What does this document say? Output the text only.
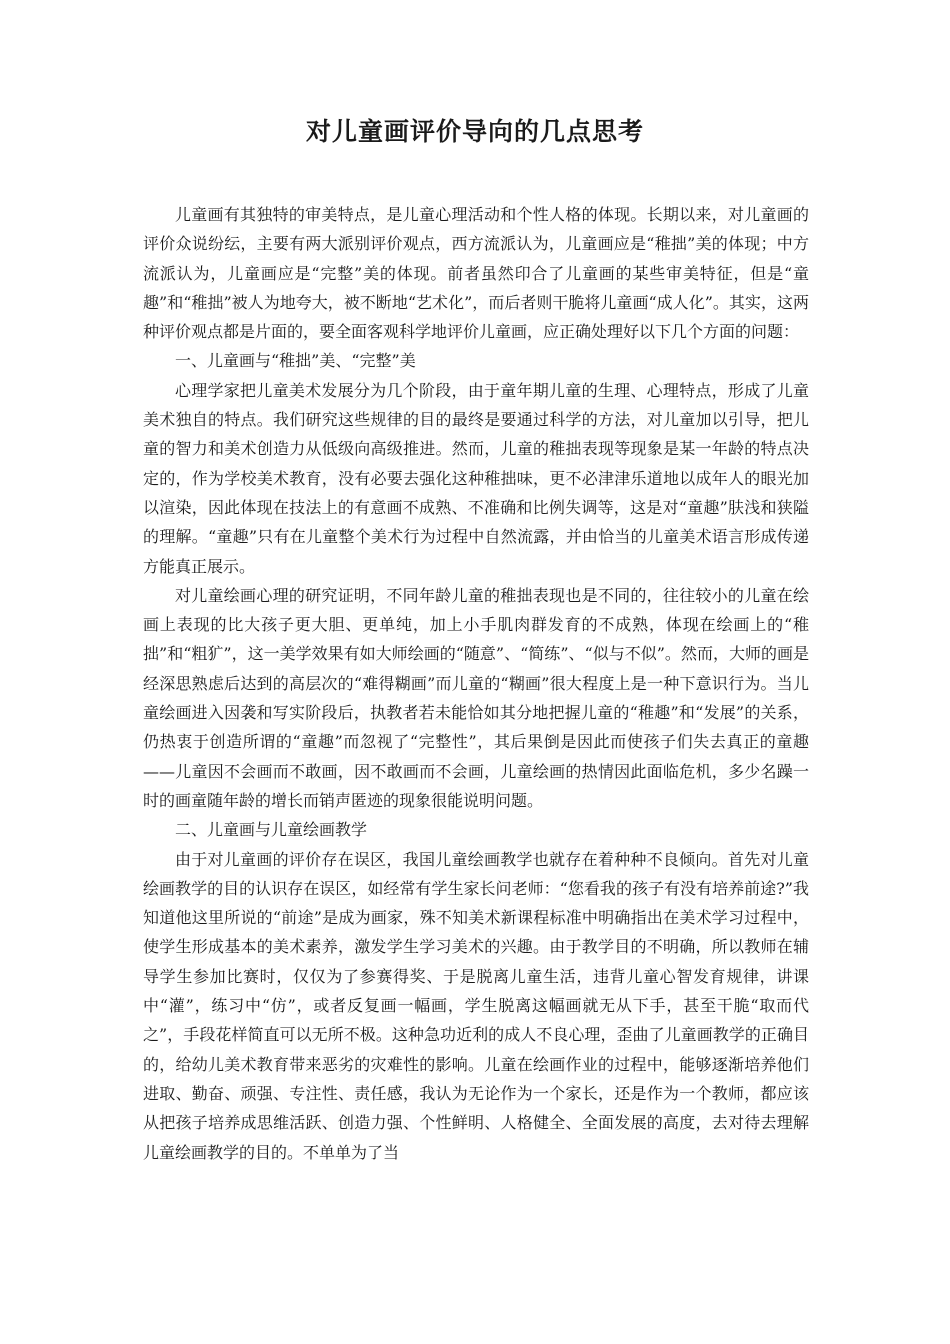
对儿童画评价导向的几点思考

儿童画有其独特的审美特点，是儿童心理活动和个性人格的体现。长期以来，对儿童画的评价众说纷纭，主要有两大派别评价观点，西方流派认为，儿童画应是“稚拙”美的体现；中方流派认为，儿童画应是“完整”美的体现。前者虽然印合了儿童画的某些审美特征，但是“童趣”和“稚拙”被人为地夸大，被不断地“艺术化”，而后者则干脆将儿童画“成人化”。其实，这两种评价观点都是片面的，要全面客观科学地评价儿童画，应正确处理好以下几个方面的问题：

一、儿童画与“稚拙”美、“完整”美

心理学家把儿童美术发展分为几个阶段，由于童年期儿童的生理、心理特点，形成了儿童美术独自的特点。我们研究这些规律的目的最终是要通过科学的方法，对儿童加以引导，把儿童的智力和美术创造力从低级向高级推进。然而，儿童的稚拙表现等现象是某一年龄的特点决定的，作为学校美术教育，没有必要去强化这种稚拙味，更不必津津乐道地以成年人的眼光加以渲染，因此体现在技法上的有意画不成熟、不准确和比例失调等，这是对“童趣”肤浅和狭隘的理解。“童趣”只有在儿童整个美术行为过程中自然流露，并由恰当的儿童美术语言形成传递方能真正展示。

对儿童绘画心理的研究证明，不同年龄儿童的稚拙表现也是不同的，往往较小的儿童在绘画上表现的比大孩子更大胆、更单纯，加上小手肌肉群发育的不成熟，体现在绘画上的“稚拙”和“粗犷”，这一美学效果有如大师绘画的“随意”、“简练”、“似与不似”。然而，大师的画是经深思熟虑后达到的高层次的“难得糊画”而儿童的“糊画”很大程度上是一种下意识行为。当儿童绘画进入因袭和写实阶段后，执教者若未能恰如其分地把握儿童的“稚趣”和“发展”的关系，仍热衷于创造所谓的“童趣”而忽视了“完整性”，其后果倒是因此而使孩子们失去真正的童趣——儿童因不会画而不敢画，因不敢画而不会画，儿童绘画的热情因此面临危机，多少名躁一时的画童随年龄的增长而销声匿迹的现象很能说明问题。

二、儿童画与儿童绘画教学

由于对儿童画的评价存在误区，我国儿童绘画教学也就存在着种种不良倾向。首先对儿童绘画教学的目的认识存在误区，如经常有学生家长问老师：“您看我的孩子有没有培养前途?”我知道他这里所说的“前途”是成为画家，殊不知美术新课程标准中明确指出在美术学习过程中，使学生形成基本的美术素养，激发学生学习美术的兴趣。由于教学目的不明确，所以教师在辅导学生参加比赛时，仅仅为了参赛得奖、于是脱离儿童生活，违背儿童心智发育规律，讲课中“灌”，练习中“仿”，或者反复画一幅画，学生脱离这幅画就无从下手，甚至干脆“取而代之”，手段花样简直可以无所不极。这种急功近利的成人不良心理，歪曲了儿童画教学的正确目的，给幼儿美术教育带来恶劣的灾难性的影响。儿童在绘画作业的过程中，能够逐渐培养他们进取、勤奋、顽强、专注性、责任感，我认为无论作为一个家长，还是作为一个教师，都应该从把孩子培养成思维活跃、创造力强、个性鲜明、人格健全、全面发展的高度，去对待去理解儿童绘画教学的目的。不单单为了当
